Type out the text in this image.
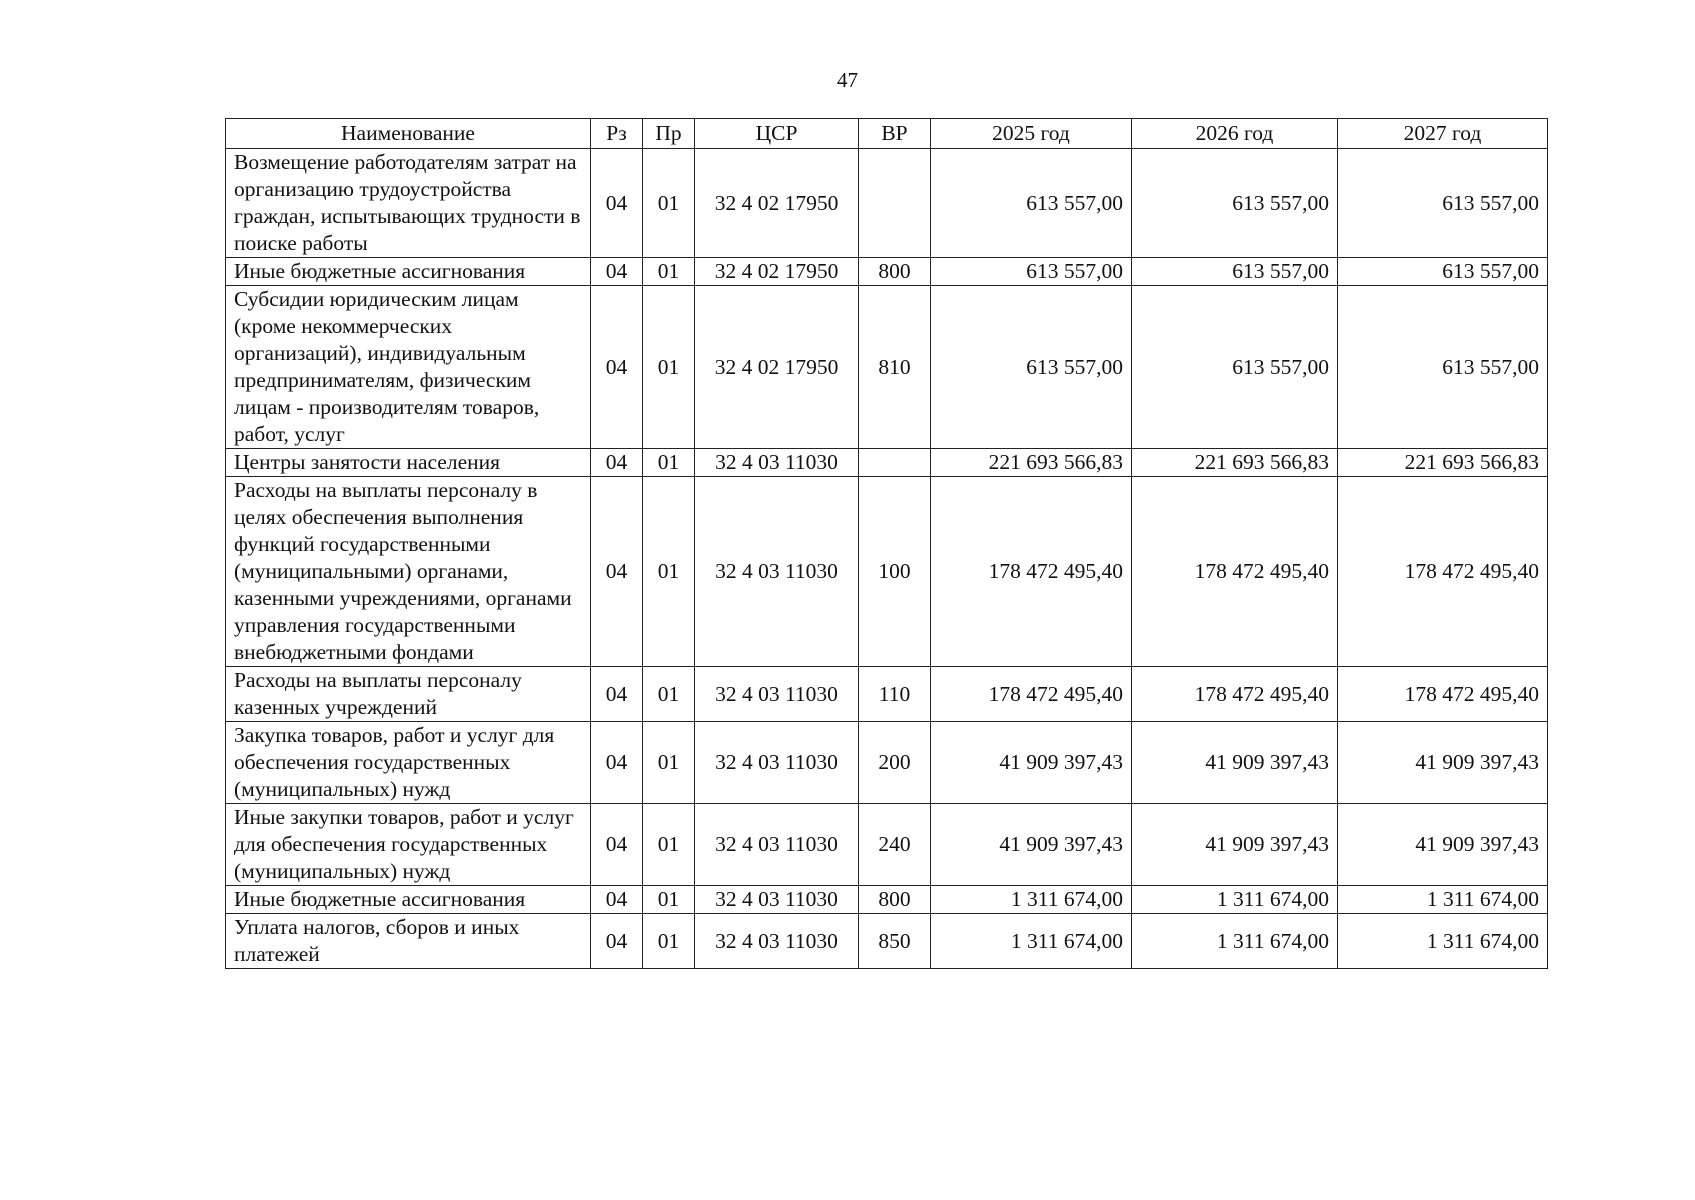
47
Наименование	Рз	Пр	ЦСР	ВР	2025 год	2026 год	2027 год
Возмещение работодателям затрат на организацию трудоустройства граждан, испытывающих трудности в поиске работы	04	01	32 4 02 17950		613 557,00	613 557,00	613 557,00
Иные бюджетные ассигнования	04	01	32 4 02 17950	800	613 557,00	613 557,00	613 557,00
Субсидии юридическим лицам (кроме некоммерческих организаций), индивидуальным предпринимателям, физическим лицам - производителям товаров, работ, услуг	04	01	32 4 02 17950	810	613 557,00	613 557,00	613 557,00
Центры занятости населения	04	01	32 4 03 11030		221 693 566,83	221 693 566,83	221 693 566,83
Расходы на выплаты персоналу в целях обеспечения выполнения функций государственными (муниципальными) органами, казенными учреждениями, органами управления государственными внебюджетными фондами	04	01	32 4 03 11030	100	178 472 495,40	178 472 495,40	178 472 495,40
Расходы на выплаты персоналу казенных учреждений	04	01	32 4 03 11030	110	178 472 495,40	178 472 495,40	178 472 495,40
Закупка товаров, работ и услуг для обеспечения государственных (муниципальных) нужд	04	01	32 4 03 11030	200	41 909 397,43	41 909 397,43	41 909 397,43
Иные закупки товаров, работ и услуг для обеспечения государственных (муниципальных) нужд	04	01	32 4 03 11030	240	41 909 397,43	41 909 397,43	41 909 397,43
Иные бюджетные ассигнования	04	01	32 4 03 11030	800	1 311 674,00	1 311 674,00	1 311 674,00
Уплата налогов, сборов и иных платежей	04	01	32 4 03 11030	850	1 311 674,00	1 311 674,00	1 311 674,00
